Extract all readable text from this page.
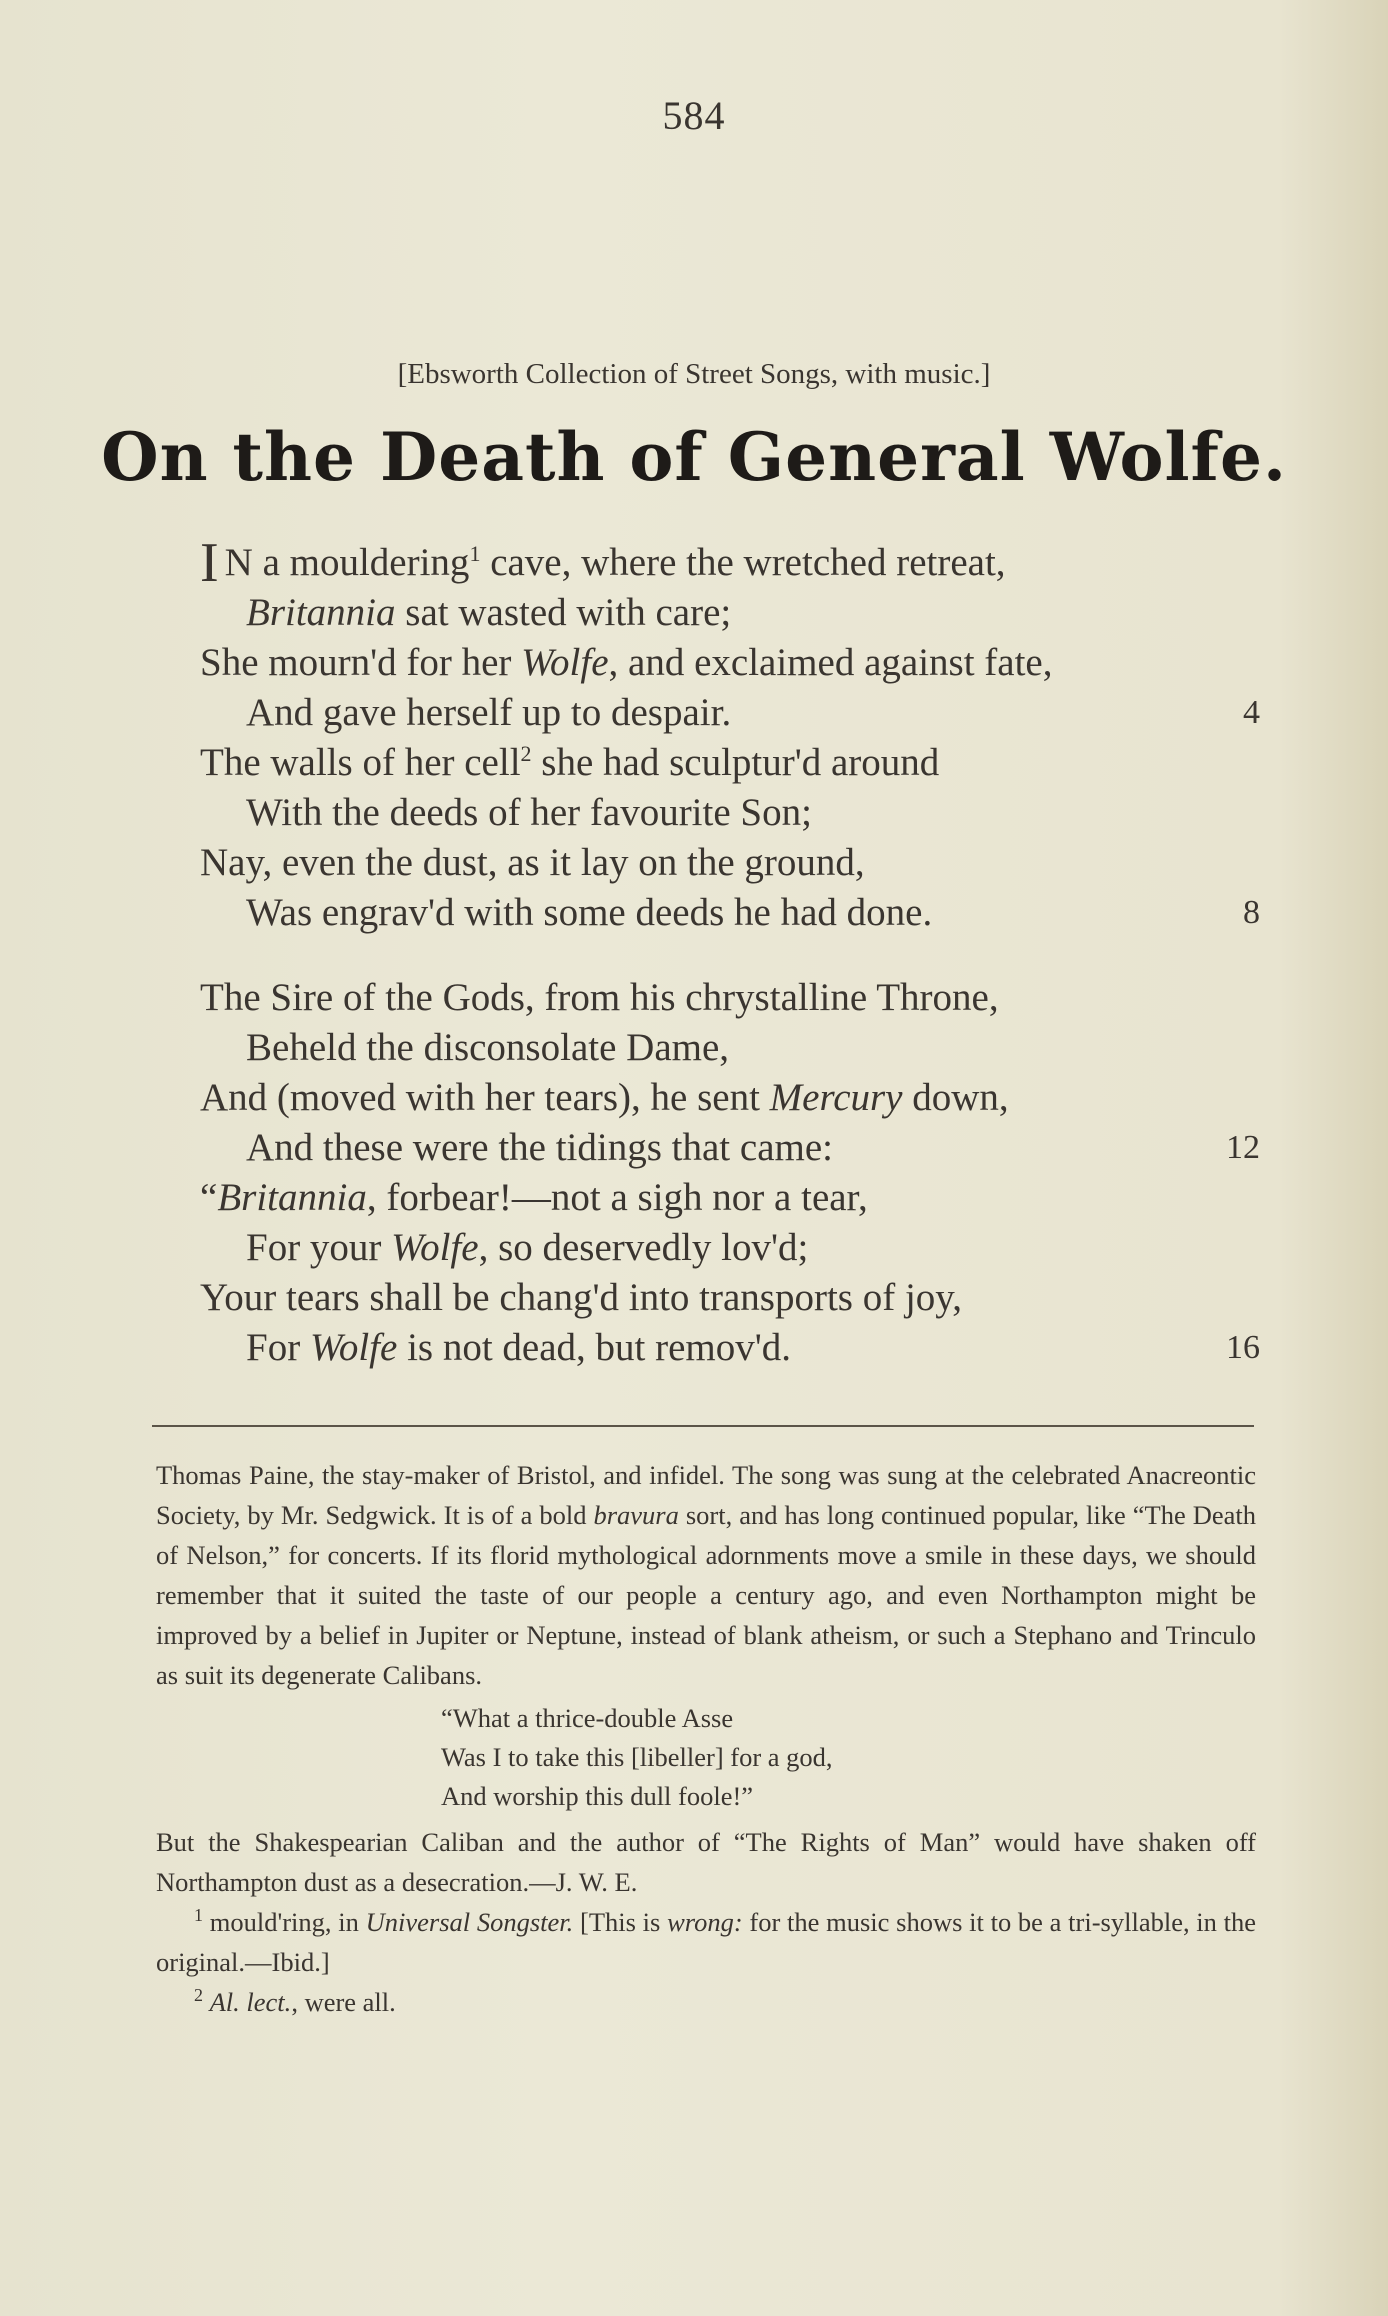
584
[Ebsworth Collection of Street Songs, with music.]
On the Death of General Wolfe.
I N a mouldering$^1$ cave, where the wretched retreat,
Britannia sat wasted with care;
She mourn'd for her Wolfe, and exclaimed against fate,
And gave herself up to despair.	4
The walls of her cell$^2$ she had sculptur'd around
With the deeds of her favourite Son;
Nay, even the dust, as it lay on the ground,
Was engrav'd with some deeds he had done.	8
The Sire of the Gods, from his chrystalline Throne,
Beheld the disconsolate Dame,
And (moved with her tears), he sent Mercury down,
And these were the tidings that came:	12
“Britannia, forbear!—not a sigh nor a tear,
For your Wolfe, so deservedly lov'd;
Your tears shall be chang'd into transports of joy,
For Wolfe is not dead, but remov'd.	16

Thomas Paine, the stay-maker of Bristol, and infidel. The song was sung at the celebrated Anacreontic Society, by Mr. Sedgwick. It is of a bold bravura sort, and has long continued popular, like “The Death of Nelson,” for concerts. If its florid mythological adornments move a smile in these days, we should remember that it suited the taste of our people a century ago, and even Northampton might be improved by a belief in Jupiter or Neptune, instead of blank atheism, or such a Stephano and Trinculo as suit its degenerate Calibans.

“What a thrice-double Asse
Was I to take this [libeller] for a god,
And worship this dull foole!”

But the Shakespearian Caliban and the author of “The Rights of Man” would have shaken off Northampton dust as a desecration.—J. W. E.

$^1$ mould'ring, in Universal Songster. [This is wrong: for the music shows it to be a tri-syllable, in the original.—Ibid.]

$^2$ Al. lect., were all.
